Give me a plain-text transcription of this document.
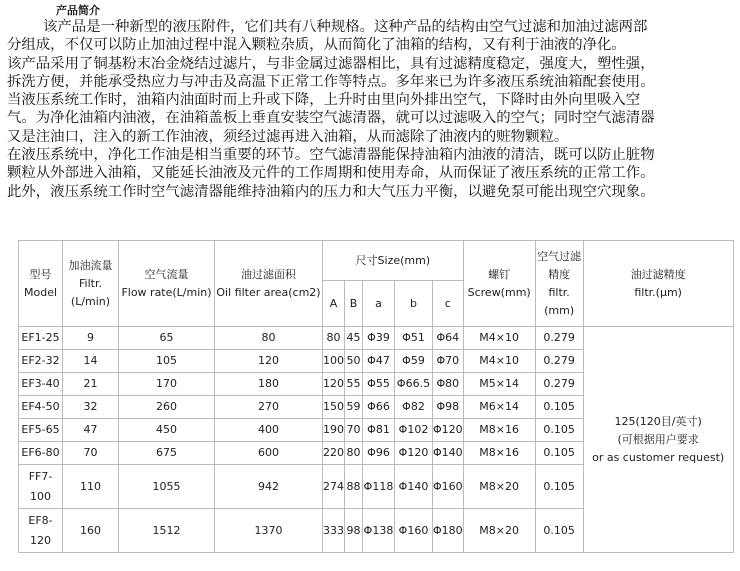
产品简介

该产品是一种新型的液压附件，它们共有八种规格。这种产品的结构由空气过滤和加油过滤两部

分组成，不仅可以防止加油过程中混入颗粒杂质，从而简化了油箱的结构，又有利于油液的净化。

该产品采用了铜基粉末冶金烧结过滤片，与非金属过滤器相比，具有过滤精度稳定，强度大，塑性强，

拆洗方便，并能承受热应力与冲击及高温下正常工作等特点。多年来已为许多液压系统油箱配套使用。

当液压系统工作时，油箱内油面时而上升或下降，上升时由里向外排出空气，下降时由外向里吸入空

气。为净化油箱内油液，在油箱盖板上垂直安装空气滤清器，就可以过滤吸入的空气；同时空气滤清器

又是注油口，注入的新工作油液，须经过滤再进入油箱，从而滤除了油液内的赃物颗粒。

在液压系统中，净化工作油是相当重要的环节。空气滤清器能保持油箱内油液的清洁，既可以防止脏物

颗粒从外部进入油箱，又能延长油液及元件的工作周期和使用寿命，从而保证了液压系统的正常工作。

此外，液压系统工作时空气滤清器能维持油箱内的压力和大气压力平衡，以避免泵可能出现空穴现象。

型号
Model	加油流量
Filtr.
(L/min)	空气流量
Flow rate(L/min)	油过滤面积
Oil filter area(cm2)	尺寸Size(mm)					螺钉
Screw(mm)	空气过滤
精度
filtr.
(mm)	油过滤精度
filtr.(μm)

				A	B	a	b	c			
EF1-25	9	65	80	80	45	Φ39	Φ51	Φ64	M4×10	0.279	125(120目/英寸)
(可根据用户要求
or as customer request)

EF2-32	14	105	120	100	50	Φ47	Φ59	Φ70	M4×10	0.279	
EF3-40	21	170	180	120	55	Φ55	Φ66.5	Φ80	M5×14	0.279	
EF4-50	32	260	270	150	59	Φ66	Φ82	Φ98	M6×14	0.105	
EF5-65	47	450	400	190	70	Φ81	Φ102	Φ120	M8×16	0.105	
EF6-80	70	675	600	220	80	Φ96	Φ120	Φ140	M8×16	0.105	
FF7-100	110	1055	942	274	88	Φ118	Φ140	Φ160	M8×20	0.105	
EF8-120	160	1512	1370	333	98	Φ138	Φ160	Φ180	M8×20	0.105	
